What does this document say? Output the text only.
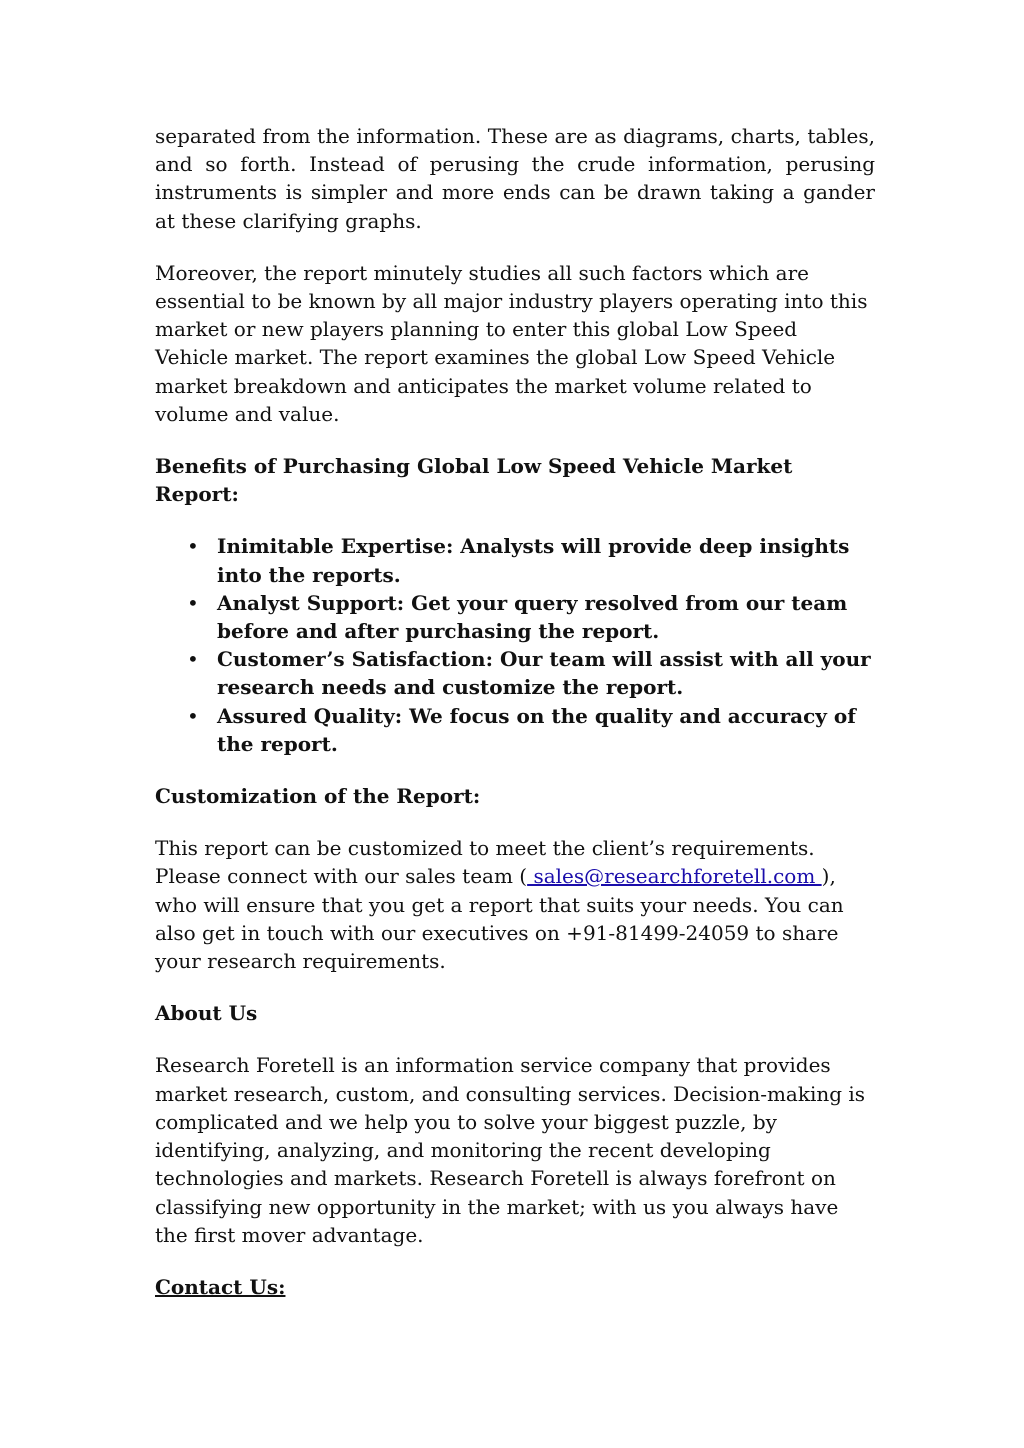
separated from the information. These are as diagrams, charts, tables, and so forth. Instead of perusing the crude information, perusing instruments is simpler and more ends can be drawn taking a gander at these clarifying graphs.

Moreover, the report minutely studies all such factors which are essential to be known by all major industry players operating into this market or new players planning to enter this global Low Speed Vehicle market. The report examines the global Low Speed Vehicle market breakdown and anticipates the market volume related to volume and value.

Benefits of Purchasing Global Low Speed Vehicle Market Report:
• Inimitable Expertise: Analysts will provide deep insights into the reports.
• Analyst Support: Get your query resolved from our team before and after purchasing the report.
• Customer’s Satisfaction: Our team will assist with all your research needs and customize the report.
• Assured Quality: We focus on the quality and accuracy of the report.
Customization of the Report:

This report can be customized to meet the client’s requirements. Please connect with our sales team ( sales@researchforetell.com ), who will ensure that you get a report that suits your needs. You can also get in touch with our executives on +91-81499-24059 to share your research requirements.

About Us

Research Foretell is an information service company that provides market research, custom, and consulting services. Decision-making is complicated and we help you to solve your biggest puzzle, by identifying, analyzing, and monitoring the recent developing technologies and markets. Research Foretell is always forefront on classifying new opportunity in the market; with us you always have the first mover advantage.

Contact Us:
